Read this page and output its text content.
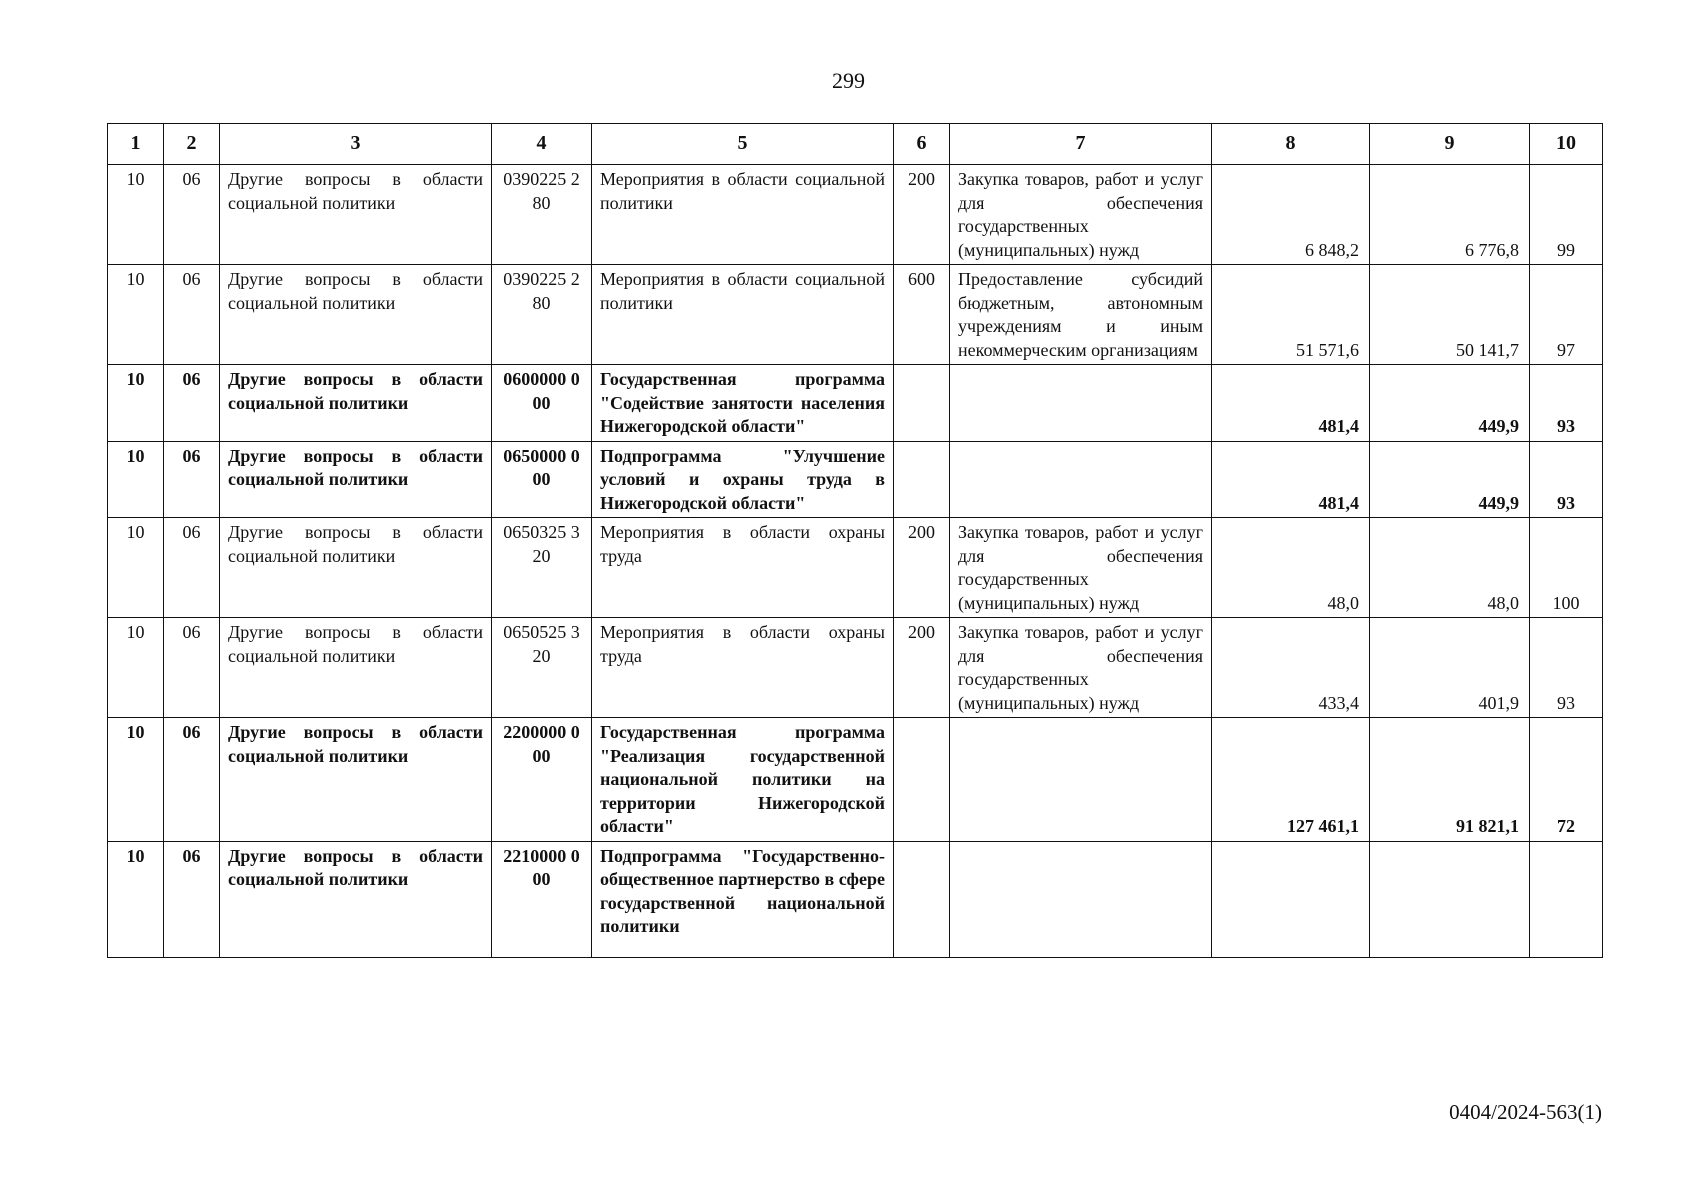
299
1	2	3	4	5	6	7	8	9	10
10	06	Другие вопросы в области социальной политики	0390225 280	Мероприятия в области социальной политики	200	Закупка товаров, работ и услуг для обеспечения государственных (муниципальных) нужд	6 848,2	6 776,8	99
10	06	Другие вопросы в области социальной политики	0390225 280	Мероприятия в области социальной политики	600	Предоставление субсидий бюджетным, автономным учреждениям и иным некоммерческим организациям	51 571,6	50 141,7	97
10	06	Другие вопросы в области социальной политики	0600000 000	Государственная программа "Содействие занятости населения Нижегородской области"			481,4	449,9	93
10	06	Другие вопросы в области социальной политики	0650000 000	Подпрограмма "Улучшение условий и охраны труда в Нижегородской области"			481,4	449,9	93
10	06	Другие вопросы в области социальной политики	0650325 320	Мероприятия в области охраны труда	200	Закупка товаров, работ и услуг для обеспечения государственных (муниципальных) нужд	48,0	48,0	100
10	06	Другие вопросы в области социальной политики	0650525 320	Мероприятия в области охраны труда	200	Закупка товаров, работ и услуг для обеспечения государственных (муниципальных) нужд	433,4	401,9	93
10	06	Другие вопросы в области социальной политики	2200000 000	Государственная программа "Реализация государственной национальной политики на территории Нижегородской области"			127 461,1	91 821,1	72
10	06	Другие вопросы в области социальной политики	2210000 000	Подпрограмма "Государственно-общественное партнерство в сфере государственной национальной политики					
0404/2024-563(1)
